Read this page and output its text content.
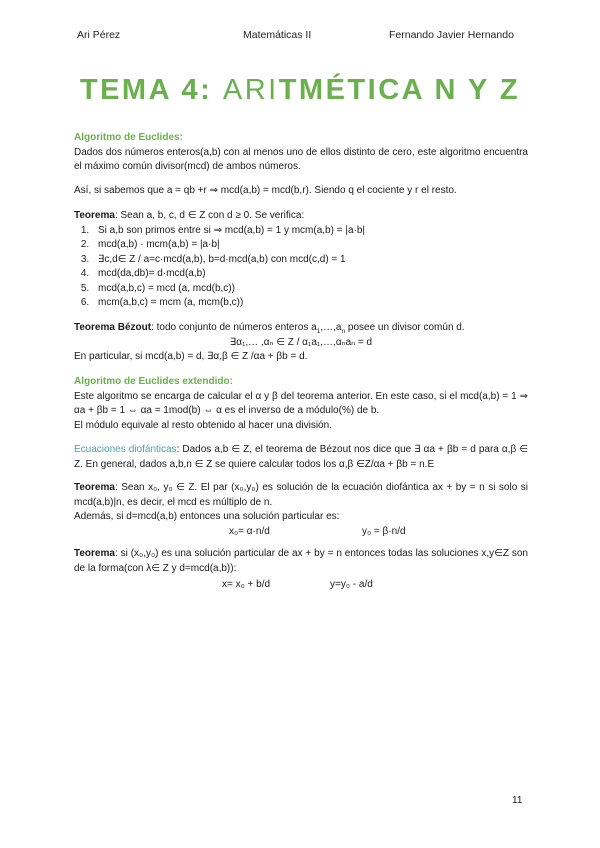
Ari Pérez	Matemáticas II	Fernando Javier Hernando
TEMA 4: ARITMÉTICA N Y Z
Algoritmo de Euclides:
Dados dos números enteros(a,b) con al menos uno de ellos distinto de cero, este algoritmo encuentra el máximo común divisor(mcd) de ambos números.
Así, si sabemos que a = qb +r ⇒ mcd(a,b) = mcd(b,r). Siendo q el cociente y r el resto.
Teorema: Sean a, b, c, d ∈ Z con d ≥ 0. Se verifica:
1. Si a,b son primos entre si ⇒ mcd(a,b) = 1 y mcm(a,b) = |a·b|
2. mcd(a,b) · mcm(a,b) = |a·b|
3. ∃c,d∈ Z / a=c·mcd(a,b), b=d·mcd(a,b) con mcd(c,d) = 1
4. mcd(da,db)= d·mcd(a,b)
5. mcd(a,b,c) = mcd (a, mcd(b,c))
6. mcm(a,b,c) = mcm (a, mcm(b,c))
Teorema Bézout: todo conjunto de números enteros $a_1,\dots,a_n$ posee un divisor común d.
∃α₁,… ,αₙ ∈ Z / α₁a₁,…,αₙaₙ = d
En particular, si mcd(a,b) = d, ∃α,β ∈ Z /αa + βb = d.
Algoritmo de Euclides extendido:
Este algoritmo se encarga de calcular el α y β del teorema anterior. En este caso, si el mcd(a,b) = 1 ⇒ αa + βb = 1 ⇔ αa = 1mod(b) ⇔ α es el inverso de a módulo(%) de b.
El módulo equivale al resto obtenido al hacer una división.
Ecuaciones diofánticas: Dados a,b ∈ Z, el teorema de Bézout nos dice que ∃ αa + βb = d para α,β ∈ Z. En general, dados a,b,n ∈ Z se quiere calcular todos los α,β ∈Z/αa + βb = n.E
Teorema: Sean x₀, y₀ ∈ Z. El par (x₀,y₀) es solución de la ecuación diofántica ax + by = n si solo si mcd(a,b)|n, es decir, el mcd es múltiplo de n.
Además, si d=mcd(a,b) entonces una solución particular es:
x₀= α·n/d	y₀ = β·n/d
Teorema: si (x₀,y₀) es una solución particular de ax + by = n entonces todas las soluciones x,y∈Z son de la forma(con λ∈ Z y d=mcd(a,b)):
x= x₀ + b/d	y=y₀ - a/d
11
